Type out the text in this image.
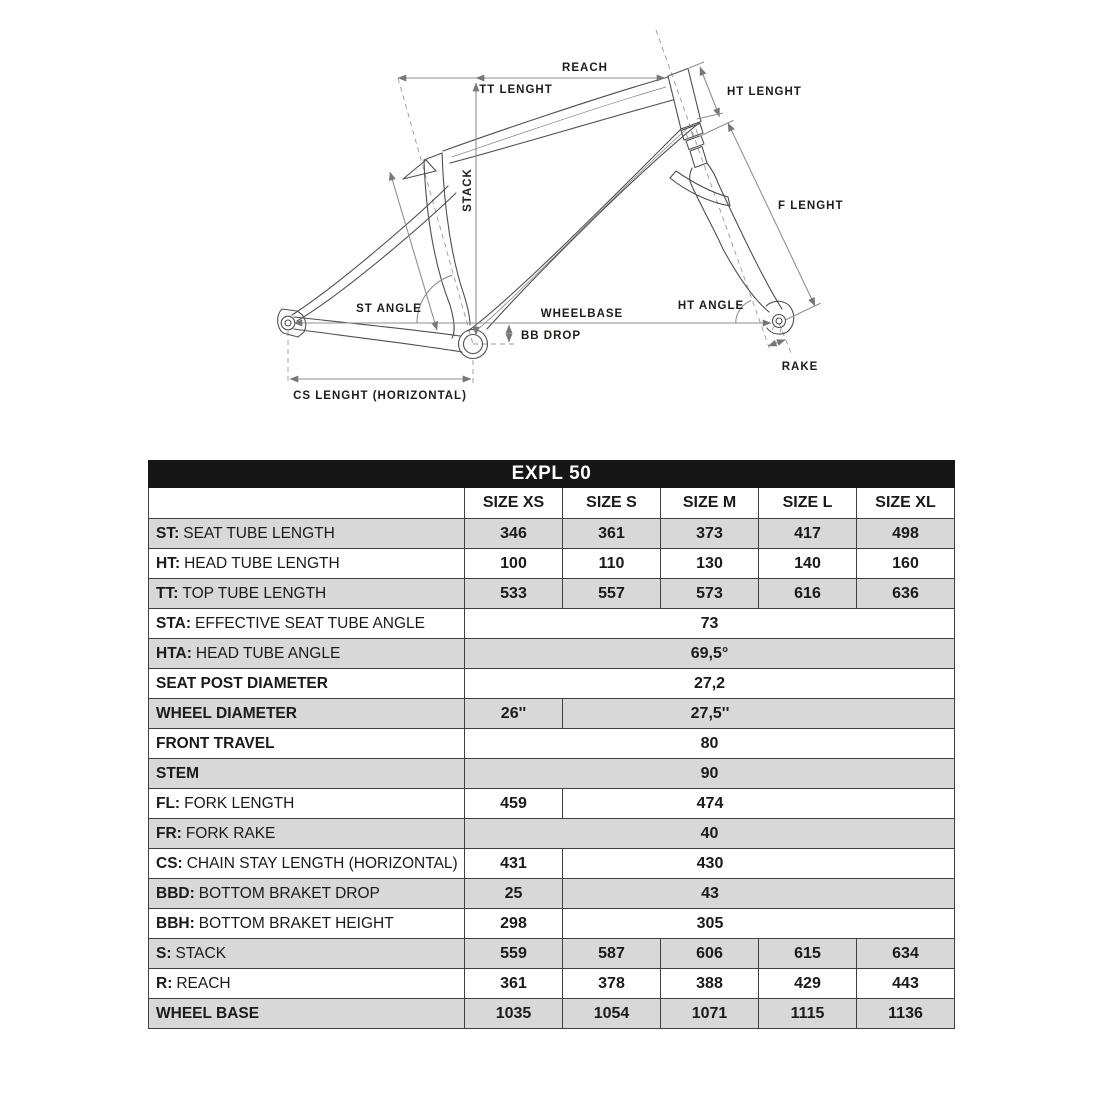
REACH
TT LENGHT	HT LENGHT
STACK	F LENGHT
ST ANGLE	HT ANGLE
WHEELBASE
BB DROP
RAKE
CS LENGHT (HORIZONTAL)
EXPL 50					
	SIZE XS	SIZE S	SIZE M	SIZE L	SIZE XL
ST: SEAT TUBE LENGTH	346	361	373	417	498
HT: HEAD TUBE LENGTH	100	110	130	140	160
TT: TOP TUBE LENGTH	533	557	573	616	636
STA: EFFECTIVE SEAT TUBE ANGLE	73				
HTA: HEAD TUBE ANGLE	69,5°				
SEAT POST DIAMETER	27,2				
WHEEL DIAMETER	26''	27,5''			
FRONT TRAVEL	80				
STEM	90				
FL: FORK LENGTH	459	474			
FR: FORK RAKE	40				
CS: CHAIN STAY LENGTH (HORIZONTAL)	431	430			
BBD: BOTTOM BRAKET DROP	25	43			
BBH: BOTTOM BRAKET HEIGHT	298	305			
S: STACK	559	587	606	615	634
R: REACH	361	378	388	429	443
WHEEL BASE	1035	1054	1071	1115	1136
